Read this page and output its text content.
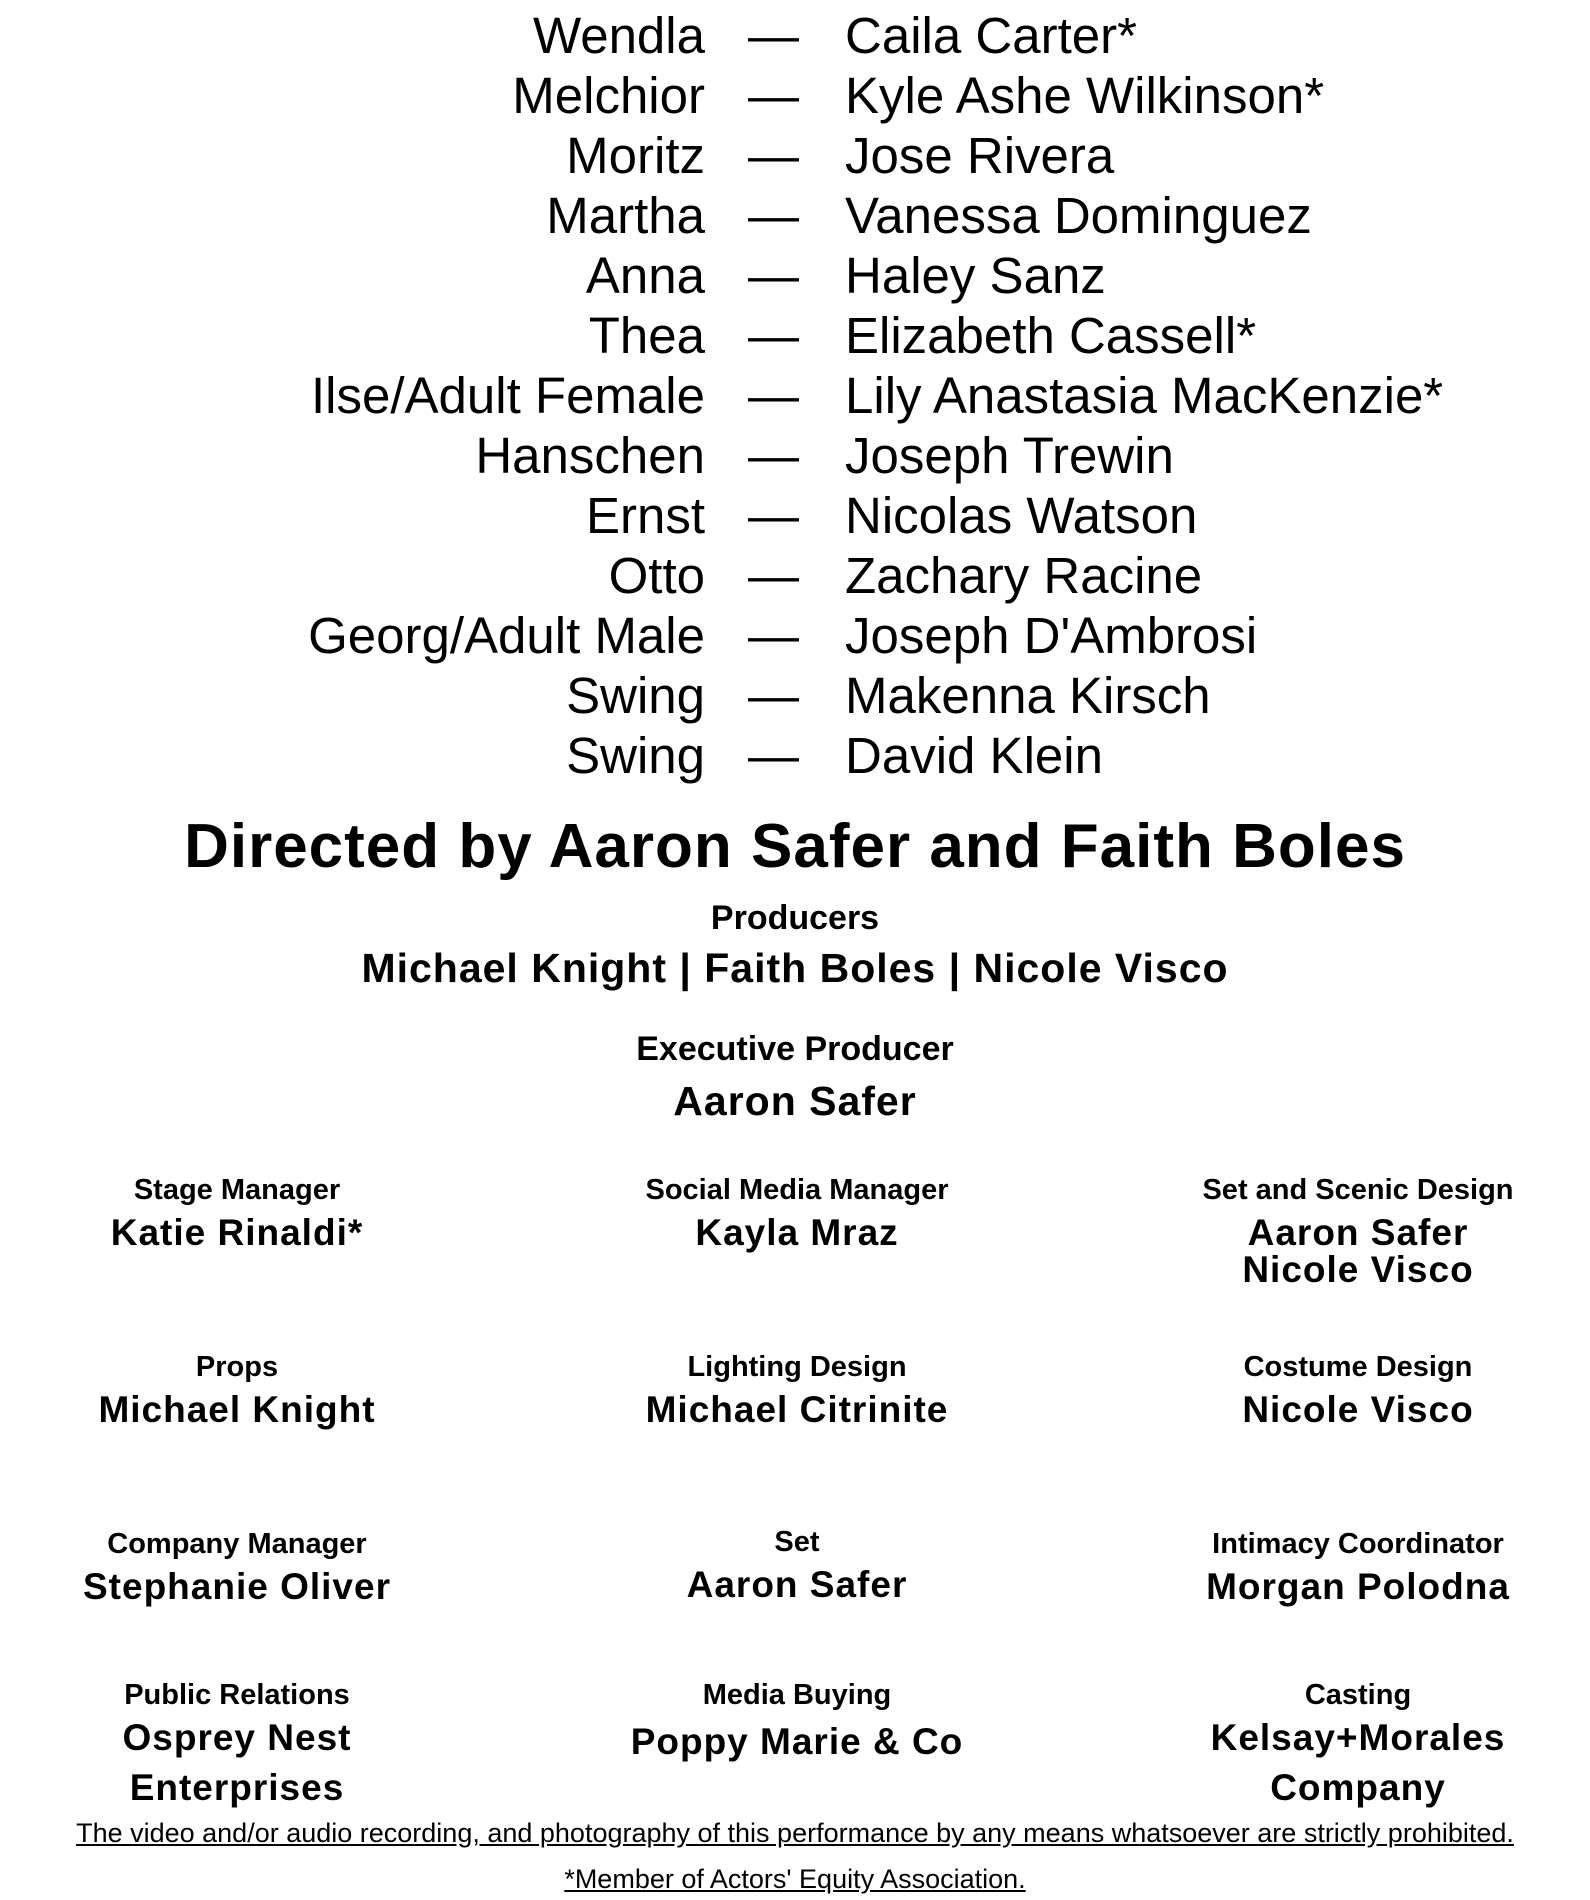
Wendla — Caila Carter*
Melchior — Kyle Ashe Wilkinson*
Moritz — Jose Rivera
Martha — Vanessa Dominguez
Anna — Haley Sanz
Thea — Elizabeth Cassell*
Ilse/Adult Female — Lily Anastasia MacKenzie*
Hanschen — Joseph Trewin
Ernst — Nicolas Watson
Otto — Zachary Racine
Georg/Adult Male — Joseph D'Ambrosi
Swing — Makenna Kirsch
Swing — David Klein
Directed by Aaron Safer and Faith Boles
Producers
Michael Knight | Faith Boles | Nicole Visco
Executive Producer
Aaron Safer
Stage Manager
Katie Rinaldi*
Social Media Manager
Kayla Mraz
Set and Scenic Design
Aaron Safer
Nicole Visco
Props
Michael Knight
Lighting Design
Michael Citrinite
Costume Design
Nicole Visco
Company Manager
Stephanie Oliver
Set
Aaron Safer
Intimacy Coordinator
Morgan Polodna
Public Relations
Osprey Nest
Enterprises
Media Buying
Poppy Marie & Co
Casting
Kelsay+Morales
Company
The video and/or audio recording, and photography of this performance by any means whatsoever are strictly prohibited.
*Member of Actors' Equity Association.
